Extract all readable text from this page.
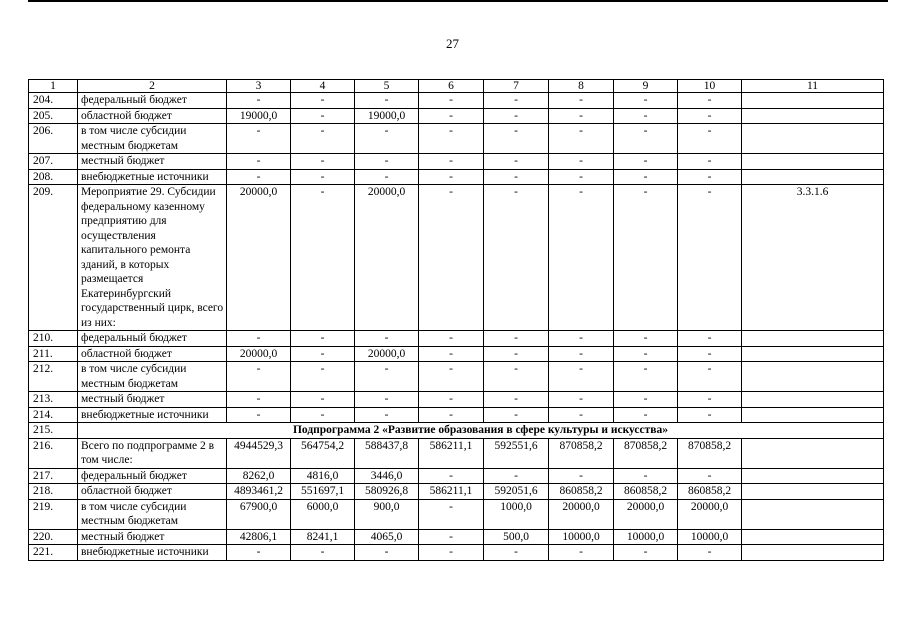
27
1	2	3	4	5	6	7	8	9	10	11
204.	федеральный бюджет	-	-	-	-	-	-	-	-	
205.	областной бюджет	19000,0	-	19000,0	-	-	-	-	-	
206.	в том числе субсидии местным бюджетам	-	-	-	-	-	-	-	-	
207.	местный бюджет	-	-	-	-	-	-	-	-	
208.	внебюджетные источники	-	-	-	-	-	-	-	-	
209.	Мероприятие 29. Субсидии федеральному казенному предприятию для осуществления капитального ремонта зданий, в которых размещается Екатеринбургский государственный цирк, всего из них:	20000,0	-	20000,0	-	-	-	-	-	3.3.1.6
210.	федеральный бюджет	-	-	-	-	-	-	-	-	
211.	областной бюджет	20000,0	-	20000,0	-	-	-	-	-	
212.	в том числе субсидии местным бюджетам	-	-	-	-	-	-	-	-	
213.	местный бюджет	-	-	-	-	-	-	-	-	
214.	внебюджетные источники	-	-	-	-	-	-	-	-	
215.	Подпрограмма 2 «Развитие образования в сфере культуры и искусства»									
216.	Всего по подпрограмме 2 в том числе:	4944529,3	564754,2	588437,8	586211,1	592551,6	870858,2	870858,2	870858,2	
217.	федеральный бюджет	8262,0	4816,0	3446,0	-	-	-	-	-	
218.	областной бюджет	4893461,2	551697,1	580926,8	586211,1	592051,6	860858,2	860858,2	860858,2	
219.	в том числе субсидии местным бюджетам	67900,0	6000,0	900,0	-	1000,0	20000,0	20000,0	20000,0	
220.	местный бюджет	42806,1	8241,1	4065,0	-	500,0	10000,0	10000,0	10000,0	
221.	внебюджетные источники	-	-	-	-	-	-	-	-	
